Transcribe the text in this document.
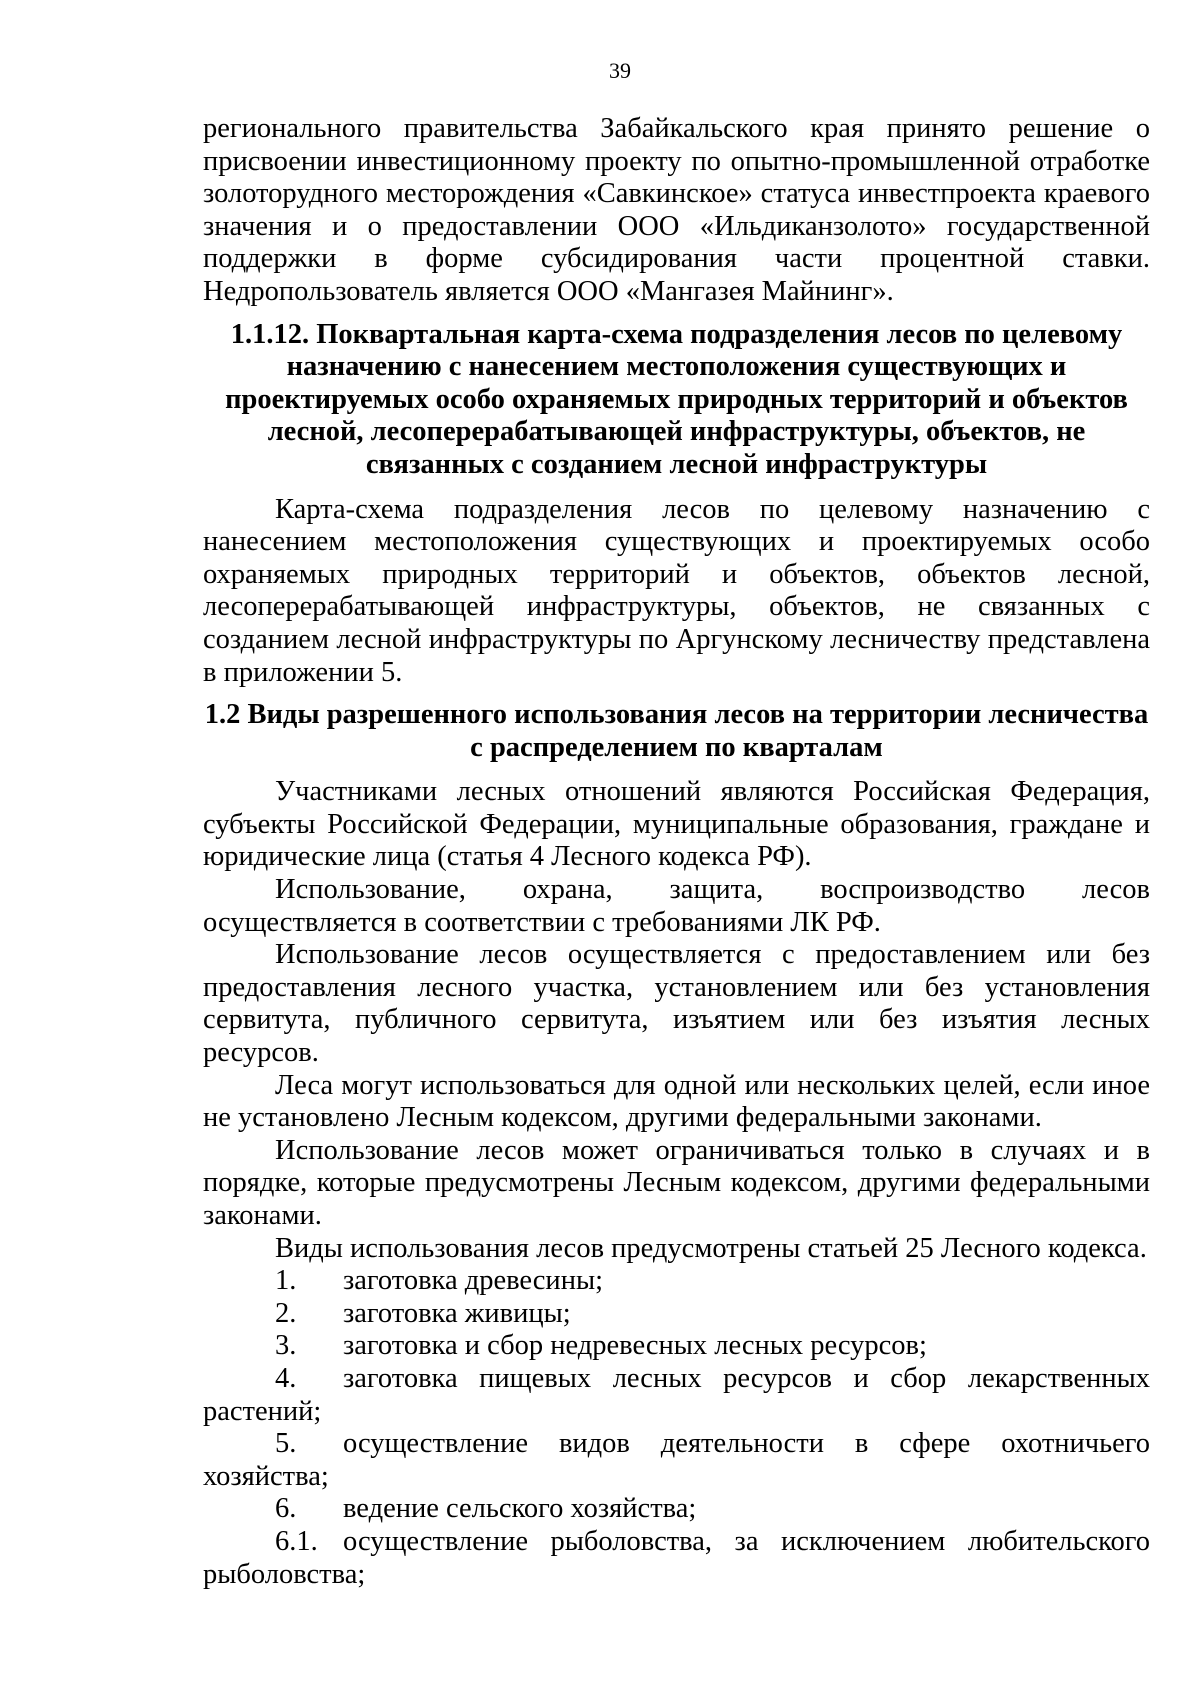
39

регионального правительства Забайкальского края принято решение о присвоении инвестиционному проекту по опытно-промышленной отработке золоторудного месторождения «Савкинское» статуса инвестпроекта краевого значения и о предоставлении ООО «Ильдиканзолото» государственной поддержки в форме субсидирования части процентной ставки. Недропользователь является ООО «Мангазея Майнинг».

1.1.12. Поквартальная карта-схема подразделения лесов по целевому назначению с нанесением местоположения существующих и проектируемых особо охраняемых природных территорий и объектов лесной, лесоперерабатывающей инфраструктуры, объектов, не связанных с созданием лесной инфраструктуры

Карта-схема подразделения лесов по целевому назначению с нанесением местоположения существующих и проектируемых особо охраняемых природных территорий и объектов, объектов лесной, лесоперерабатывающей инфраструктуры, объектов, не связанных с созданием лесной инфраструктуры по Аргунскому лесничеству представлена в приложении 5.

1.2 Виды разрешенного использования лесов на территории лесничества с распределением по кварталам

Участниками лесных отношений являются Российская Федерация, субъекты Российской Федерации, муниципальные образования, граждане и юридические лица (статья 4 Лесного кодекса РФ).

Использование, охрана, защита, воспроизводство лесов осуществляется в соответствии с требованиями ЛК РФ.

Использование лесов осуществляется с предоставлением или без предоставления лесного участка, установлением или без установления сервитута, публичного сервитута, изъятием или без изъятия лесных ресурсов.

Леса могут использоваться для одной или нескольких целей, если иное не установлено Лесным кодексом, другими федеральными законами.

Использование лесов может ограничиваться только в случаях и в порядке, которые предусмотрены Лесным кодексом, другими федеральными законами.

Виды использования лесов предусмотрены статьей 25 Лесного кодекса.

1. заготовка древесины;

2. заготовка живицы;

3. заготовка и сбор недревесных лесных ресурсов;

4. заготовка пищевых лесных ресурсов и сбор лекарственных растений;

5. осуществление видов деятельности в сфере охотничьего хозяйства;

6. ведение сельского хозяйства;

6.1. осуществление рыболовства, за исключением любительского рыболовства;
